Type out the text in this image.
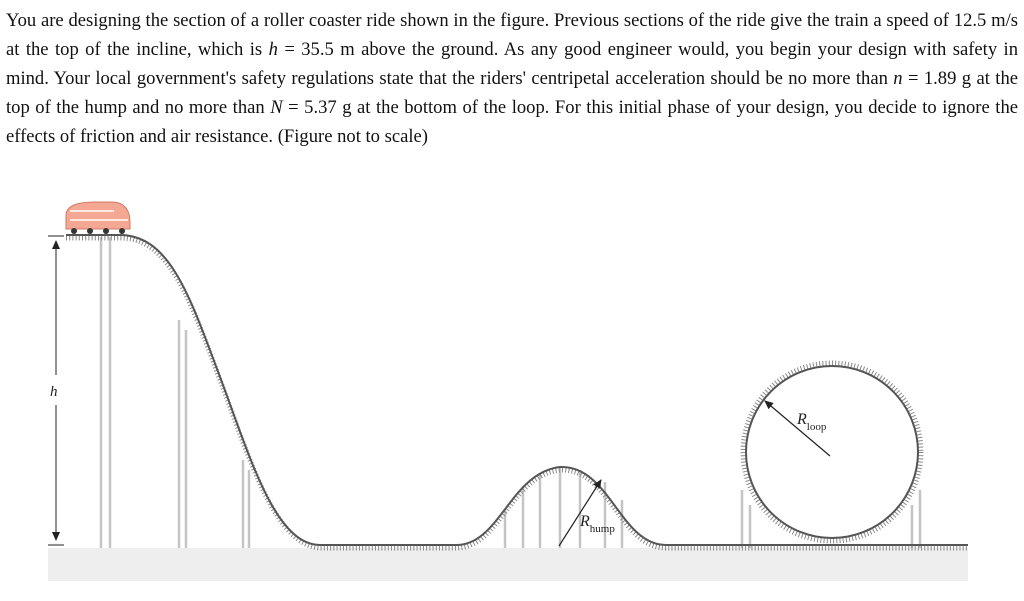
You are designing the section of a roller coaster ride shown in the figure. Previous sections of the ride give the train a speed of 12.5 m/s at the top of the incline, which is h = 35.5 m above the ground. As any good engineer would, you begin your design with safety in mind. Your local government's safety regulations state that the riders' centripetal acceleration should be no more than n = 1.89 g at the top of the hump and no more than N = 5.37 g at the bottom of the loop. For this initial phase of your design, you decide to ignore the effects of friction and air resistance. (Figure not to scale)

h
$R_{hump}$
$R_{loop}$
